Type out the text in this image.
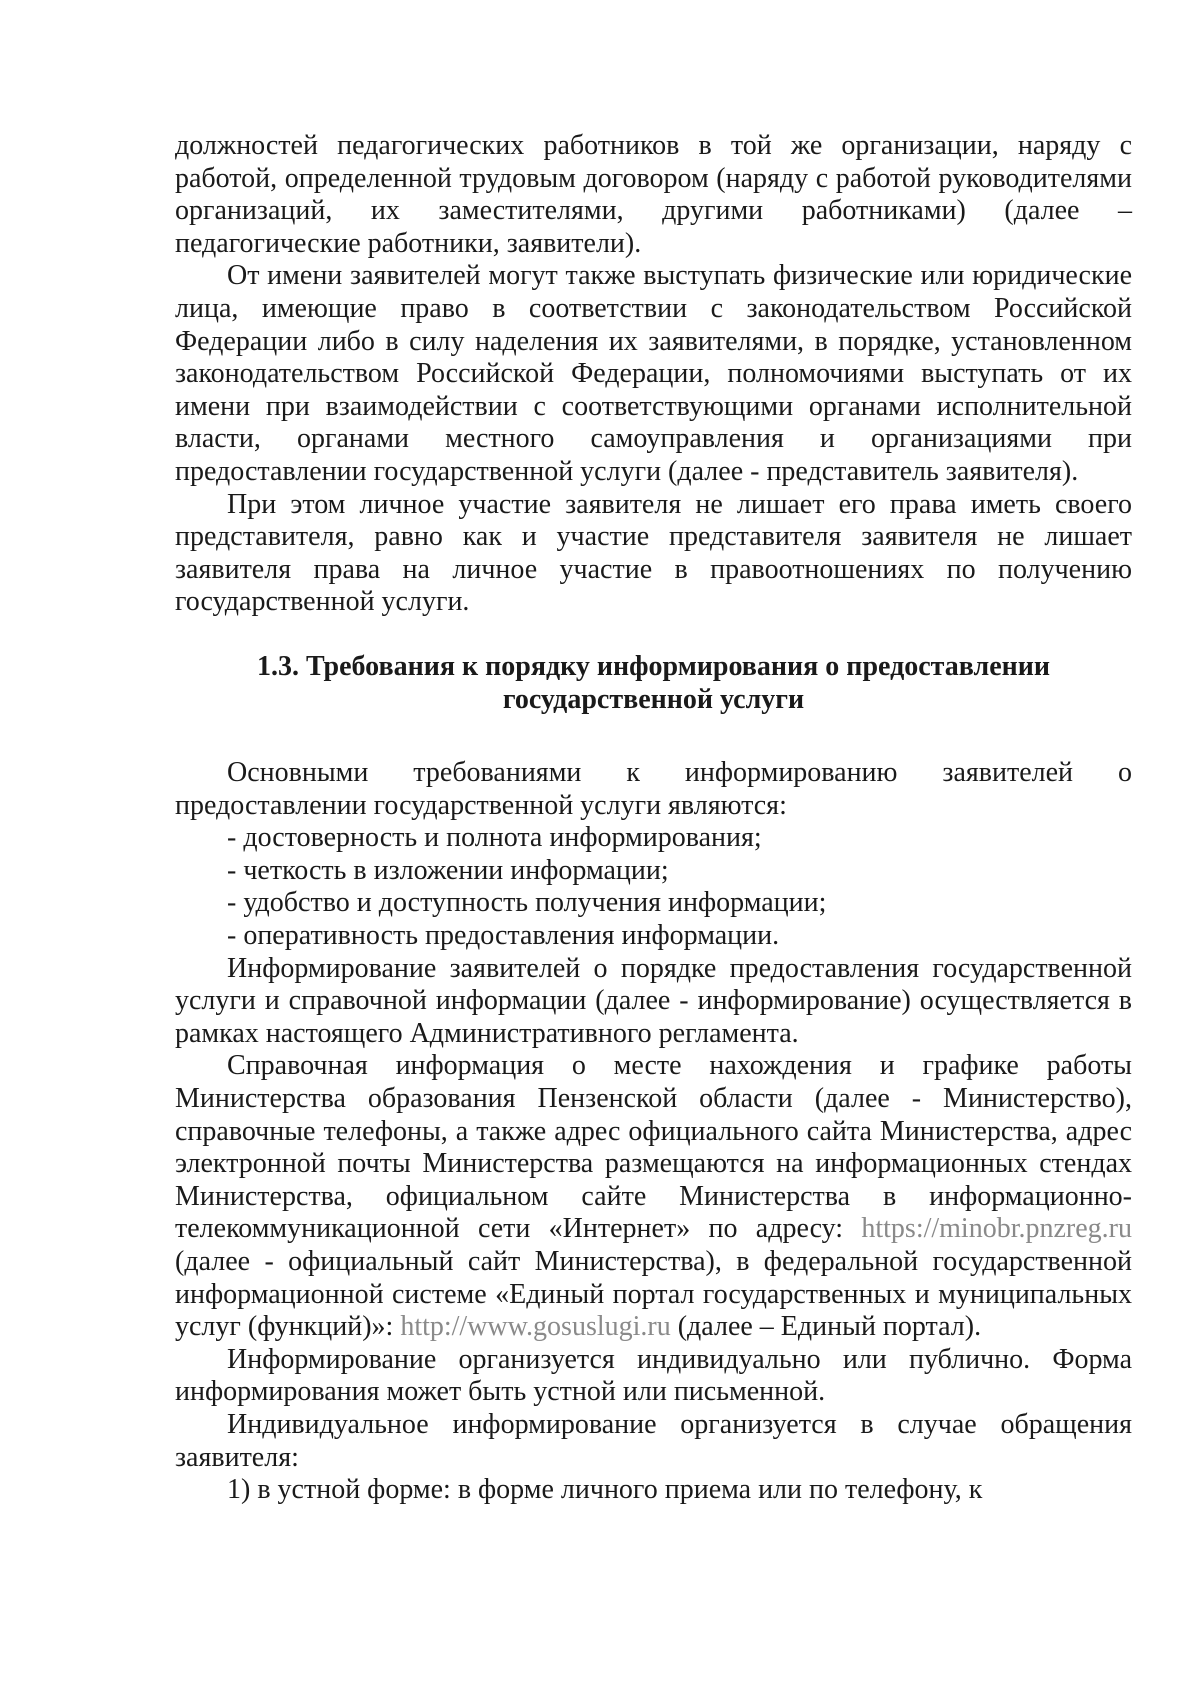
должностей педагогических работников в той же организации, наряду с работой, определенной трудовым договором (наряду с работой руководителями организаций, их заместителями, другими работниками) (далее – педагогические работники, заявители).

От имени заявителей могут также выступать физические или юридические лица, имеющие право в соответствии с законодательством Российской Федерации либо в силу наделения их заявителями, в порядке, установленном законодательством Российской Федерации, полномочиями выступать от их имени при взаимодействии с соответствующими органами исполнительной власти, органами местного самоуправления и организациями при предоставлении государственной услуги (далее - представитель заявителя).

При этом личное участие заявителя не лишает его права иметь своего представителя, равно как и участие представителя заявителя не лишает заявителя права на личное участие в правоотношениях по получению государственной услуги.

1.3. Требования к порядку информирования о предоставлении государственной услуги

Основными требованиями к информированию заявителей о предоставлении государственной услуги являются:

- достоверность и полнота информирования;

- четкость в изложении информации;

- удобство и доступность получения информации;

- оперативность предоставления информации.

Информирование заявителей о порядке предоставления государственной услуги и справочной информации (далее - информирование) осуществляется в рамках настоящего Административного регламента.

Справочная информация о месте нахождения и графике работы Министерства образования Пензенской области (далее - Министерство), справочные телефоны, а также адрес официального сайта Министерства, адрес электронной почты Министерства размещаются на информационных стендах Министерства, официальном сайте Министерства в информационно-телекоммуникационной сети «Интернет» по адресу: https://minobr.pnzreg.ru (далее - официальный сайт Министерства), в федеральной государственной информационной системе «Единый портал государственных и муниципальных услуг (функций)»: http://www.gosuslugi.ru (далее – Единый портал).

Информирование организуется индивидуально или публично. Форма информирования может быть устной или письменной.

Индивидуальное информирование организуется в случае обращения заявителя:

1) в устной форме: в форме личного приема или по телефону, к
